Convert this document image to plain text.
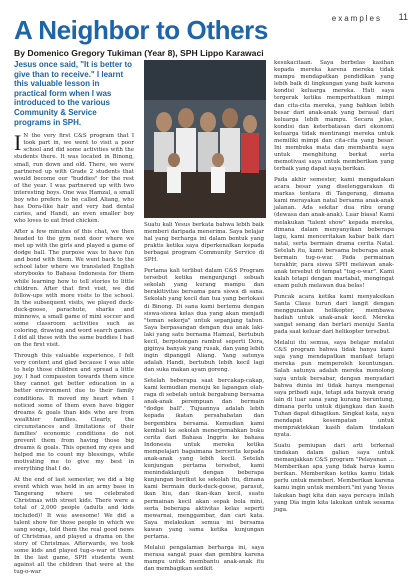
examples 11
A Neighbor to Others
By Domenico Gregory Tukiman (Year 8), SPH Lippo Karawaci

Jesus once said, "It is better to give than to receive." I learnt this valuable lesson in practical form when I was introduced to the various Community & Service programs in SPH.

I N the very first C&S program that I took part in, we went to visit a poor school and did some activities with the students there. It was located in Binong, small, run down and old. There, we were partnered up with Grade 2 students that would become our "buddies" for the rest of the year. I was partnered up with two interesting boys. One was Hamzal, a small boy who prefers to be called Aliang, who has Dora-like hair and very bad dental caries, and Handi, an even smaller boy who loves to eat fried chicken.

After a few minutes of this chat, we then headed to the gym next door where we met up with the girls and played a game of dodge ball. The purpose was to have fun and bond with them. We went back to the school later where we translated English storybooks to Bahasa Indonesia for them while learning how to tell stories to little children. After that first visit, we did follow-ups with more visits to the school. In the subsequent visits, we played duck-duck-goose, parachute, sharks and minnows, a small game of mini soccer and some classroom activities such as coloring, drawing and word search games. I did all these with the same buddies I had on the first visit.

Through this valuable experience, I felt very content and glad because I was able to help those children and spread a little joy. I had compassion towards them since they cannot get better education in a better environment due to their family conditions. It moved my heart when I noticed some of them even have bigger dreams & goals than kids who are from wealthier families. Clearly, the circumstances and limitations of their families' economic conditions do not prevent them from having those big dreams & goals. This opened my eyes and helped me to count my blessings, while motivating me to give my best in everything that I do.

At the end of last semester, we did a big event which was held in an army base in Tangerang where we celebrated Christmas with street kids. There were a total of 2,000 people (adults and kids included)! It was awesome! We did a talent show for those people in which we sang songs, told them the real good news of Christmas, and played a drama on the story of Christmas. Afterwards, we took some kids and played tug-o-war of them. In the last game, SPH students went against all the children that were at the tug-o-war

Suatu kali Yesus berkata bahwa lebih baik memberi daripada menerima. Saya belajar hal yang berharga ini dalam bentuk yang praktis ketika saya diperkenalkan kepada berbagai program Community Service di SPH.

Pertama kali terlibat dalam C&S Program tersebut ketika mengunjungi sebuah sekolah yang kurang mampu dan berakitivitas bersama para siswa di sana. Sekolah yang kecil dan tua yang berlokasi di Binong. Di sana kami bertemu dengan siswa-siswa kelas dua yang akan menjadi "teman sekerja" untuk sepanjang tahun. Saya berpasangan dengan dua anak laki-laki yang satu bernama Hamzal, bertubuh kecil, berpotongan rambut seperti Dora, giginya banyak yang rusak, dan yang lebih ingin dipanggil Aliang. Yang satunya adalah Handi, bertubuh lebih kecil lagi dan suka makan ayam goreng.

Setelah beberapa saat bercakap-cakap, kami kemudian menuju ke lapangan olah-raga di sebelah untuk bergabung bersama anak-anak perempuan dan bermain "dodge ball". Tujuannya adalah lebih kepada ikatan persahabatan dan bergembira bersama. Kemudian kami kembali ke sekolah menerjemahkan buku cerita dari Bahasa Inggris ke bahasa Indonesia untuk mereka ketika mempelajari bagaimana bercerita kepada anak-anak yang lebih kecil. Setelah kunjungan pertama tersebut, kami menindaklanjuti dengan beberapa kunjungan berikut ke sekolah itu, dimana kami bermain duck-duck-goose, parasut, ikan hiu, dan ikan-ikan kecil, suatu permainan kecil akan sepak bola mini, serta beberapa aktivitas kelas seperti mewarnai, menggambar, dan cari kata. Saya melakukan semua ini bersama kawan yang sama ketika kunjungan pertama.

Melalui pengalaman berharga ini, saya merasa sangat puas dan gembira karena mampu untuk membantu anak-anak itu dan membagikan sedikit

kesukacitaan. Saya berbelas kasihan kepada mereka karena mereka tidak mampu mendapatkan pendidikan yang lebih baik di lingkungan yang baik karena kondisi keluarga mereka. Hati saya tergerak ketika memperhatikan mimpi dan cita-cita mereka, yang bahkan lebih besar dari anak-anak yang berasal dari keluarga lebih mampu. Secara jelas, kondisi dan keterbatasan dari ekonomi keluarga tidak mentirangi mereka untuk memiliki mimpi dan cita-cita yang besar. Ini membuka mata dan membantu saya untuk menghitung berkat serta memotivasi saya untuk memberikan yang terbaik yang dapat saya berikan.

Pada akhir semester, kami mengadakan acara besar yang diselenggarakan di markas tentara di Tangerang, dimana kami merayakan natal bersama anak-anak jalanan. Ada sekitar dua ribu orang (dewasa dan anak-anak). Luar biasa! Kami melakukan "talent show" kepada mereka, dimana dalam menyanyikan beberapa lagu, kami menceritakan kabar baik dari natal, serta bermain drama cerita Natal. Setelah itu, kami bersama beberapa anak bermain tug-o-war. Pada permainan terakhir, para siswa SPH melawan anak-anak tersebut di tempat "tug-o-war". Kami kalah tetapi dengan martabat, mengingat enam puluh melawan dua belas!

Puncak acara ketika kami menyaksikan Santa Claus turun dari langit dengan menggunakan helikopter, membawa hadiah untuk anak-anak kecil. Mereka sangat senang dan berlari menuju Santa pada saat keluar dari helikopter tersebut.

Melalui itu semua, saya belajar melalui C&S program bahwa tidak hanya kami saja yang mendapatkan manfaat tetapi mereka pun memperoleh keuntungan. Salah satunya adalah mereka menolong saya untuk bersabar, dengan menyadari bahwa dunia ini tidak hanya mengenai saya pribadi saja, tetapi ada banyak orang lain di luar sana yang kurang beruntung, dimana perlu untuk dijangkau dan kasih Tuhan dapat dibagikan. Singkat kata, saya mendapat kesempatan untuk mempraktekkan kasih dalam tindakan nyata.

Suatu pemiupan dari arti terkenal tindakan dalam galian saya untuk memanjakkan C&S program "Pelayanan ... Memberikan apa yang tidak harus kamu berikan. Memberikan ketika kamu tidak perlu untuk memberi. Memberikan karena kamu ingin untuk memberi."ini yang Yesus lakukan bagi kita dan saya percaya inilah yang Dia ingin kita lakukan untuk sesama juga.
